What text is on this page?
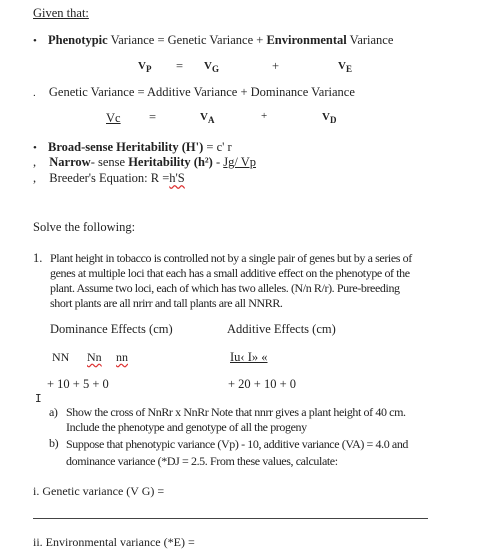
Given that:
• Phenotypic Variance = Genetic Variance + Environmental Variance
$V_P = V_G$	+	$V_E$
. Genetic Variance = Additive Variance + Dominance Variance
Vc =	$V_A$	+	$V_D$
• Broad-sense Heritability (H') = c' r
, Narrow- sense Heritability (h²) - Jg/ Vp
, Breeder's Equation: R =h'S
Solve the following:
1. Plant height in tobacco is controlled not by a single pair of genes but by a series of
genes at multiple loci that each has a small additive effect on the phenotype of the
plant. Assume two loci, each of which has two alleles. (N/n R/r). Pure-breeding
short plants are all nrirr and tall plants are all NNRR.
Dominance Effects (cm)	Additive Effects (cm)
NN Nn nn	Iu‹ I» «
+ 10 + 5 + 0	+ 20 + 10 + 0
I
a) Show the cross of NnRr x NnRr Note that nnrr gives a plant height of 40 cm.
Include the phenotype and genotype of all the progeny
b) Suppose that phenotypic variance (Vp) - 10, additive variance (VA) = 4.0 and
dominance variance (*DJ = 2.5. From these values, calculate:
i. Genetic variance (V G) =
ii. Environmental variance (*E) =
